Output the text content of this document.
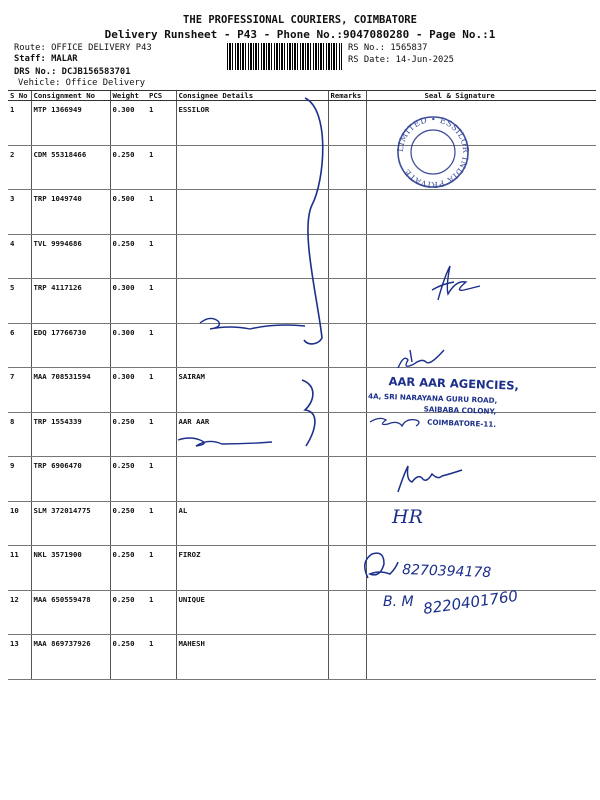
THE PROFESSIONAL COURIERS, COIMBATORE
Delivery Runsheet - P43 - Phone No.:9047080280 - Page No.:1
Route: OFFICE DELIVERY P43
Staff: MALAR
DRS No.: DCJB156583701
Vehicle: Office Delivery
RS No.: 1565837
RS Date: 14-Jun-2025
S No	Consignment No	Weight	PCS	Consignee Details	Remarks	Seal & Signature
1	MTP 1366949	0.300	1	ESSILOR		
2	CDM 55318466	0.250	1			
3	TRP 1049740	0.500	1			
4	TVL 9994686	0.250	1			
5	TRP 4117126	0.300	1			
6	EDQ 17766730	0.300	1			
7	MAA 708531594	0.300	1	SAIRAM		
8	TRP 1554339	0.250	1	AAR AAR		
9	TRP 6906470	0.250	1			
10	SLM 372014775	0.250	1	AL		
11	NKL 3571900	0.250	1	FIROZ		
12	MAA 650559478	0.250	1	UNIQUE		
13	MAA 869737926	0.250	1	MAHESH		
LIMITED • ESSILOR INDIA PRIVATE
AAR AAR AGENCIES,
4A, SRI NARAYANA GURU ROAD,
SAIBABA COLONY,
COIMBATORE-11.
HR
8270394178
B. M 8220401760
